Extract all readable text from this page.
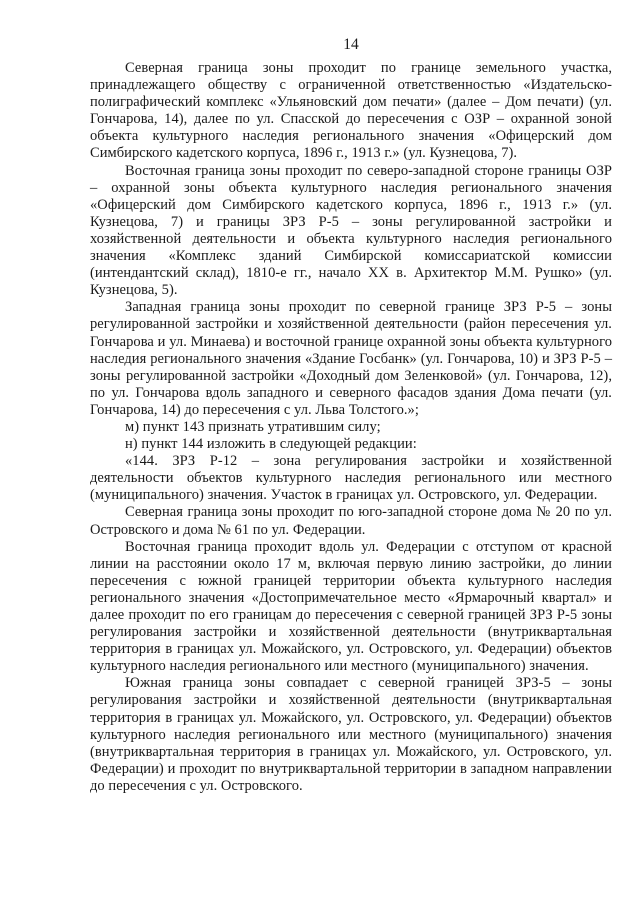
14

Северная граница зоны проходит по границе земельного участка, принадлежащего обществу с ограниченной ответственностью «Издательско-полиграфический комплекс «Ульяновский дом печати» (далее – Дом печати) (ул. Гончарова, 14), далее по ул. Спасской до пересечения с ОЗР – охранной зоной объекта культурного наследия регионального значения «Офицерский дом Симбирского кадетского корпуса, 1896 г., 1913 г.» (ул. Кузнецова, 7).

Восточная граница зоны проходит по северо-западной стороне границы ОЗР – охранной зоны объекта культурного наследия регионального значения «Офицерский дом Симбирского кадетского корпуса, 1896 г., 1913 г.» (ул. Кузнецова, 7) и границы ЗРЗ Р-5 – зоны регулированной застройки и хозяйственной деятельности и объекта культурного наследия регионального значения «Комплекс зданий Симбирской комиссариатской комиссии (интендантский склад), 1810-е гг., начало XX в. Архитектор М.М. Рушко» (ул. Кузнецова, 5).

Западная граница зоны проходит по северной границе ЗРЗ Р-5 – зоны регулированной застройки и хозяйственной деятельности (район пересечения ул. Гончарова и ул. Минаева) и восточной границе охранной зоны объекта культурного наследия регионального значения «Здание Госбанк» (ул. Гончарова, 10) и ЗРЗ Р-5 – зоны регулированной застройки «Доходный дом Зеленковой» (ул. Гончарова, 12), по ул. Гончарова вдоль западного и северного фасадов здания Дома печати (ул. Гончарова, 14) до пересечения с ул. Льва Толстого.»;

м) пункт 143 признать утратившим силу;

н) пункт 144 изложить в следующей редакции:

«144. ЗРЗ Р-12 – зона регулирования застройки и хозяйственной деятельности объектов культурного наследия регионального или местного (муниципального) значения. Участок в границах ул. Островского, ул. Федерации.

Северная граница зоны проходит по юго-западной стороне дома № 20 по ул. Островского и дома № 61 по ул. Федерации.

Восточная граница проходит вдоль ул. Федерации с отступом от красной линии на расстоянии около 17 м, включая первую линию застройки, до линии пересечения с южной границей территории объекта культурного наследия регионального значения «Достопримечательное место «Ярмарочный квартал» и далее проходит по его границам до пересечения с северной границей ЗРЗ Р-5 зоны регулирования застройки и хозяйственной деятельности (внутриквартальная территория в границах ул. Можайского, ул. Островского, ул. Федерации) объектов культурного наследия регионального или местного (муниципального) значения.

Южная граница зоны совпадает с северной границей ЗРЗ-5 – зоны регулирования застройки и хозяйственной деятельности (внутриквартальная территория в границах ул. Можайского, ул. Островского, ул. Федерации) объектов культурного наследия регионального или местного (муниципального) значения (внутриквартальная территория в границах ул. Можайского, ул. Островского, ул. Федерации) и проходит по внутриквартальной территории в западном направлении до пересечения с ул. Островского.
